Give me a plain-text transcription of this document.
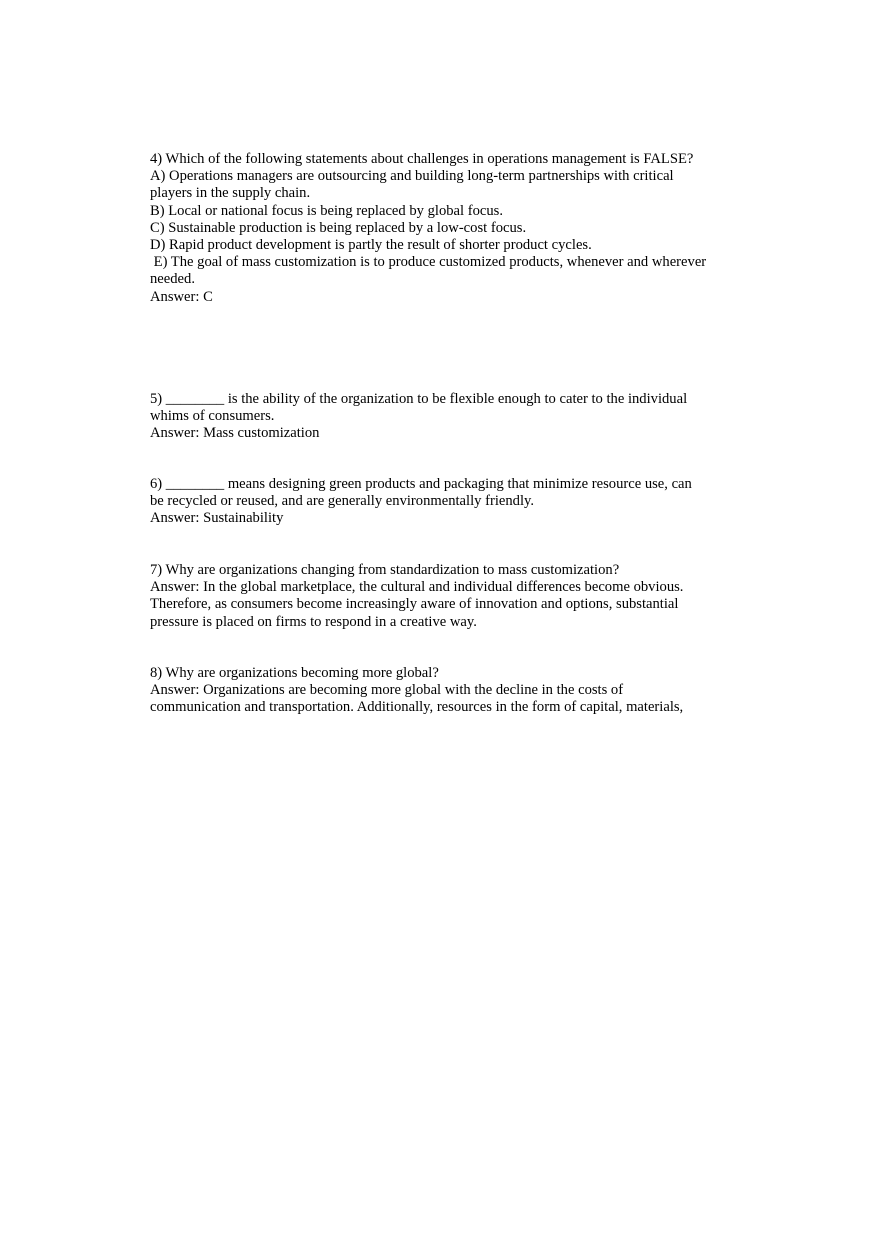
4) Which of the following statements about challenges in operations management is FALSE?
A) Operations managers are outsourcing and building long-term partnerships with critical
players in the supply chain.
B) Local or national focus is being replaced by global focus.
C) Sustainable production is being replaced by a low-cost focus.
D) Rapid product development is partly the result of shorter product cycles.
E) The goal of mass customization is to produce customized products, whenever and wherever
needed.
Answer: C
5) ________ is the ability of the organization to be flexible enough to cater to the individual
whims of consumers.
Answer: Mass customization
6) ________ means designing green products and packaging that minimize resource use, can
be recycled or reused, and are generally environmentally friendly.
Answer: Sustainability
7) Why are organizations changing from standardization to mass customization?
Answer: In the global marketplace, the cultural and individual differences become obvious.
Therefore, as consumers become increasingly aware of innovation and options, substantial
pressure is placed on firms to respond in a creative way.
8) Why are organizations becoming more global?
Answer: Organizations are becoming more global with the decline in the costs of
communication and transportation. Additionally, resources in the form of capital, materials,
